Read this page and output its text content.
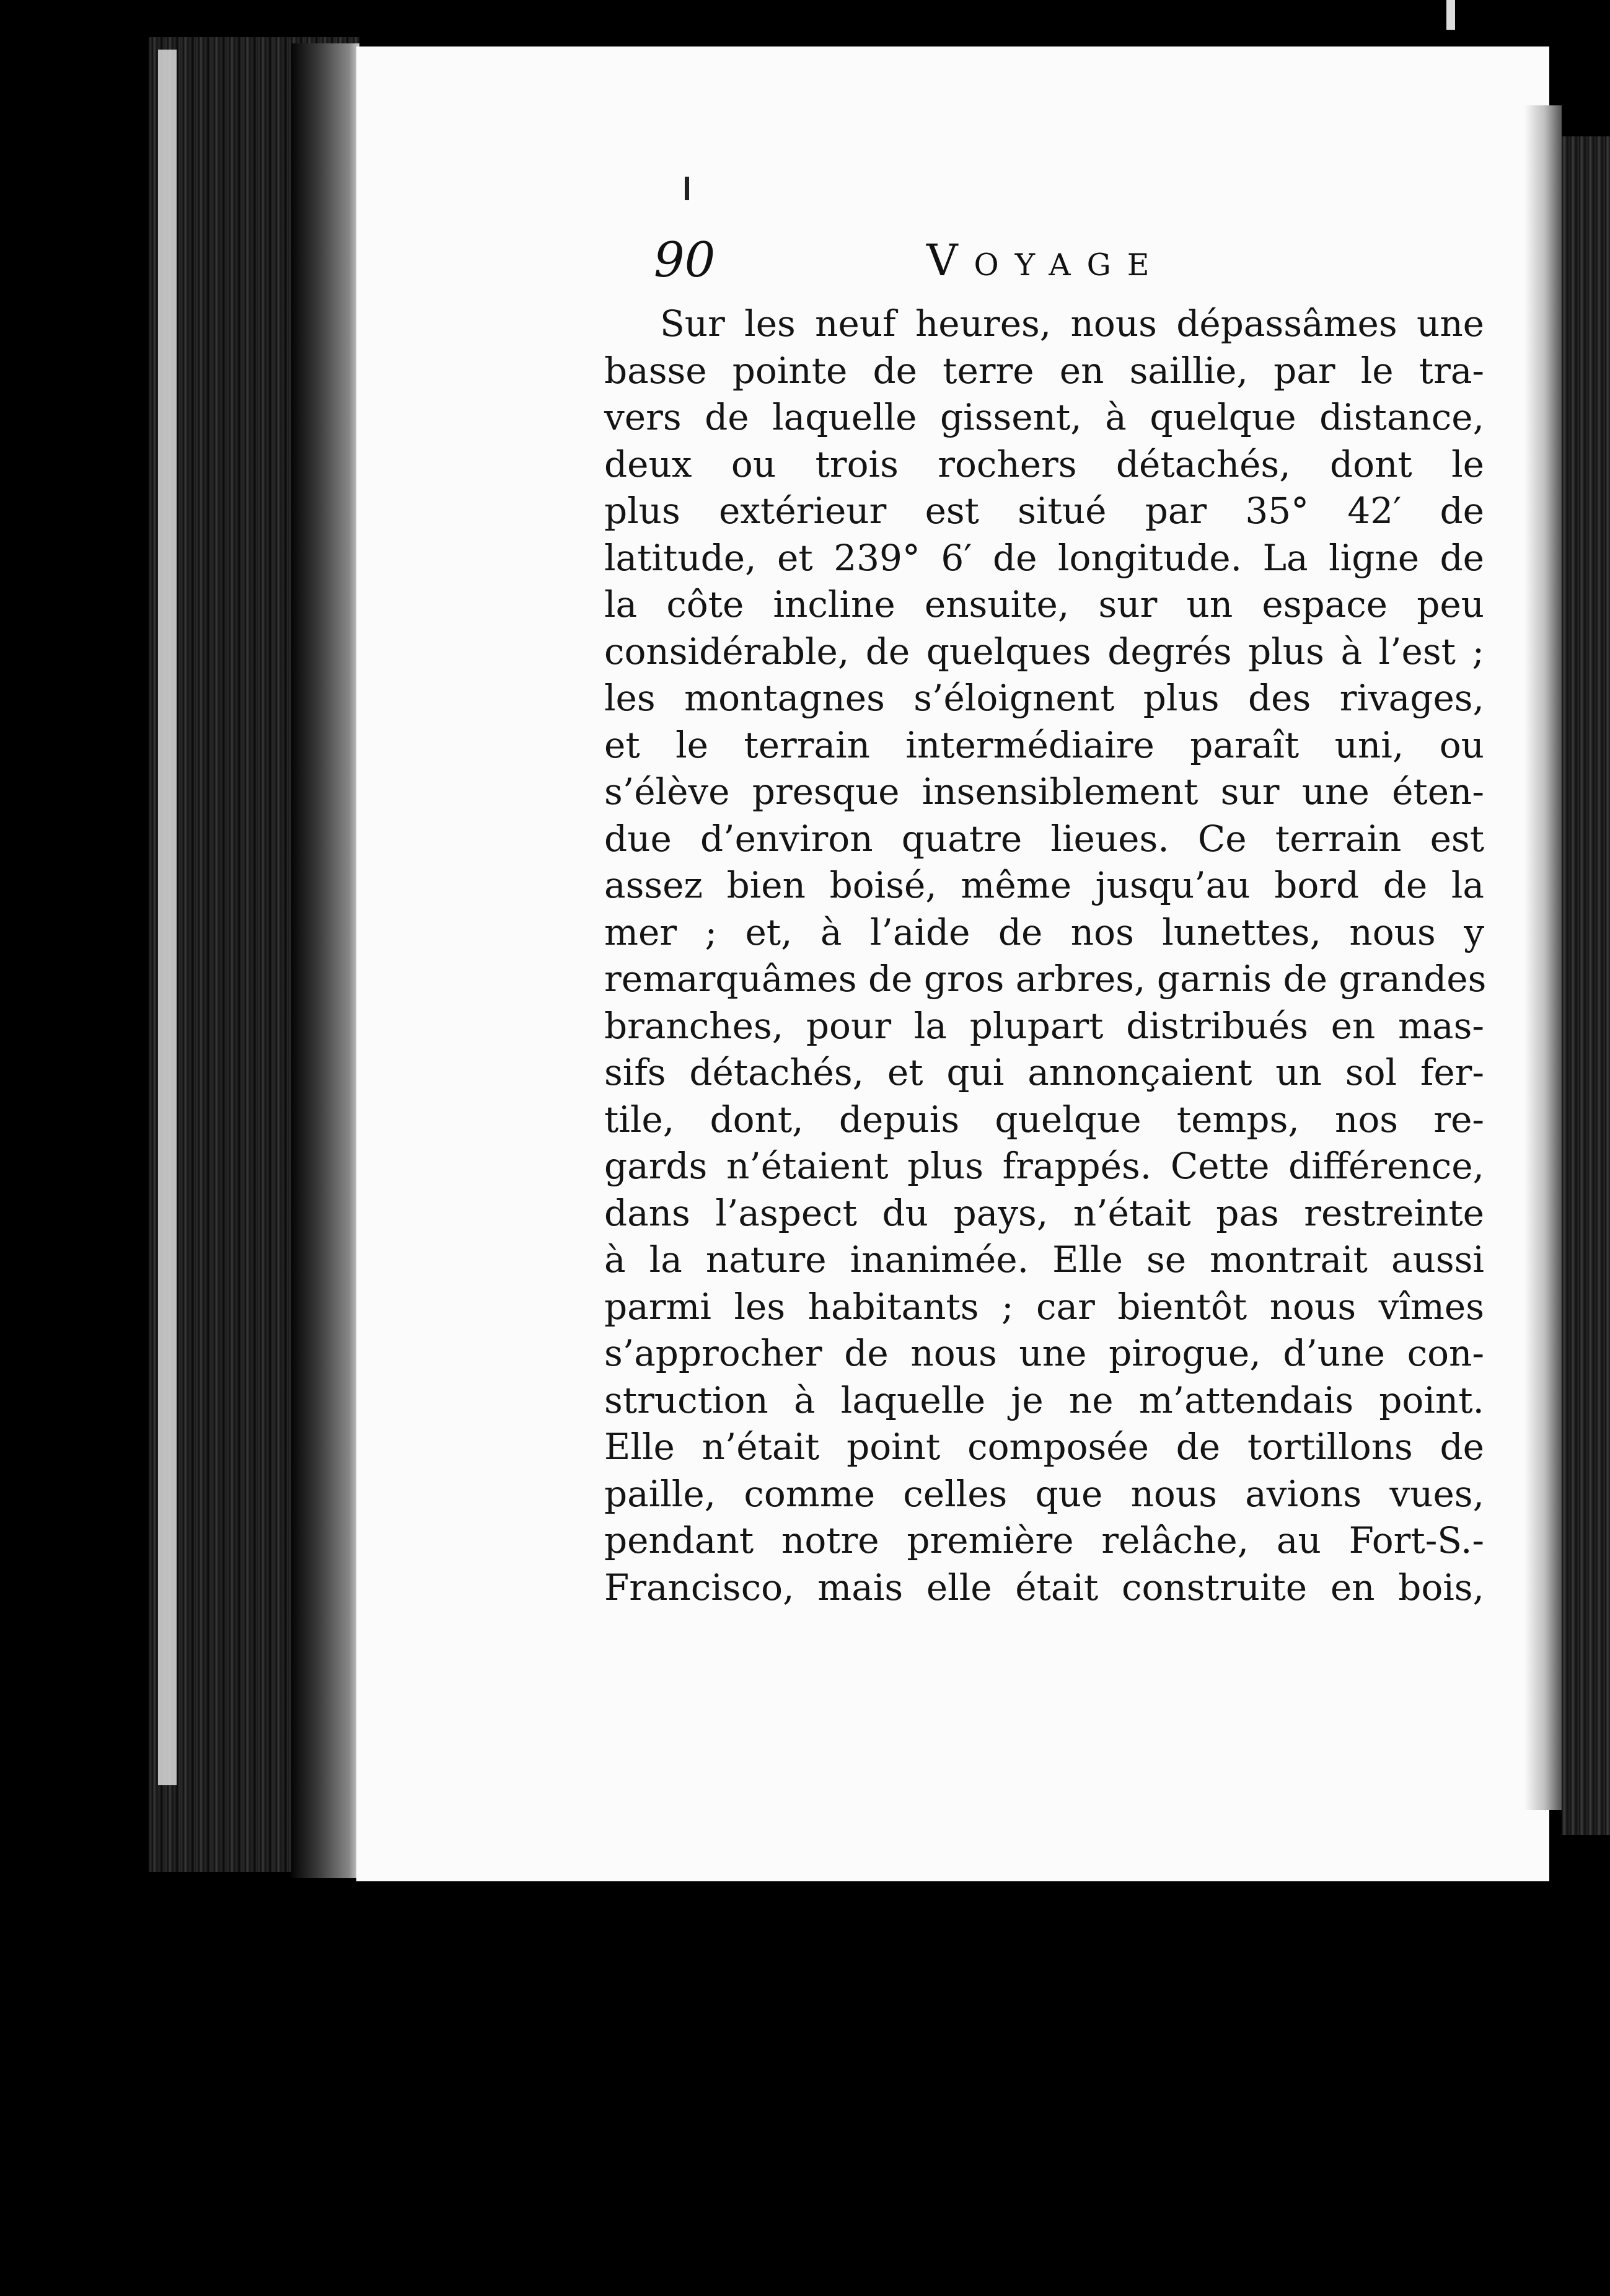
90	Voyage
Sur les neuf heures, nous dépassâmes une
basse pointe de terre en saillie, par le tra-
vers de laquelle gissent, à quelque distance,
deux ou trois rochers détachés, dont le
plus extérieur est situé par 35° 42′ de
latitude, et 239° 6′ de longitude. La ligne de
la côte incline ensuite, sur un espace peu
considérable, de quelques degrés plus à l’est ;
les montagnes s’éloignent plus des rivages,
et le terrain intermédiaire paraît uni, ou
s’élève presque insensiblement sur une éten-
due d’environ quatre lieues. Ce terrain est
assez bien boisé, même jusqu’au bord de la
mer ; et, à l’aide de nos lunettes, nous y
remarquâmes de gros arbres, garnis de grandes
branches, pour la plupart distribués en mas-
sifs détachés, et qui annonçaient un sol fer-
tile, dont, depuis quelque temps, nos re-
gards n’étaient plus frappés. Cette différence,
dans l’aspect du pays, n’était pas restreinte
à la nature inanimée. Elle se montrait aussi
parmi les habitants ; car bientôt nous vîmes
s’approcher de nous une pirogue, d’une con-
struction à laquelle je ne m’attendais point.
Elle n’était point composée de tortillons de
paille, comme celles que nous avions vues,
pendant notre première relâche, au Fort-S.-
Francisco, mais elle était construite en bois,
